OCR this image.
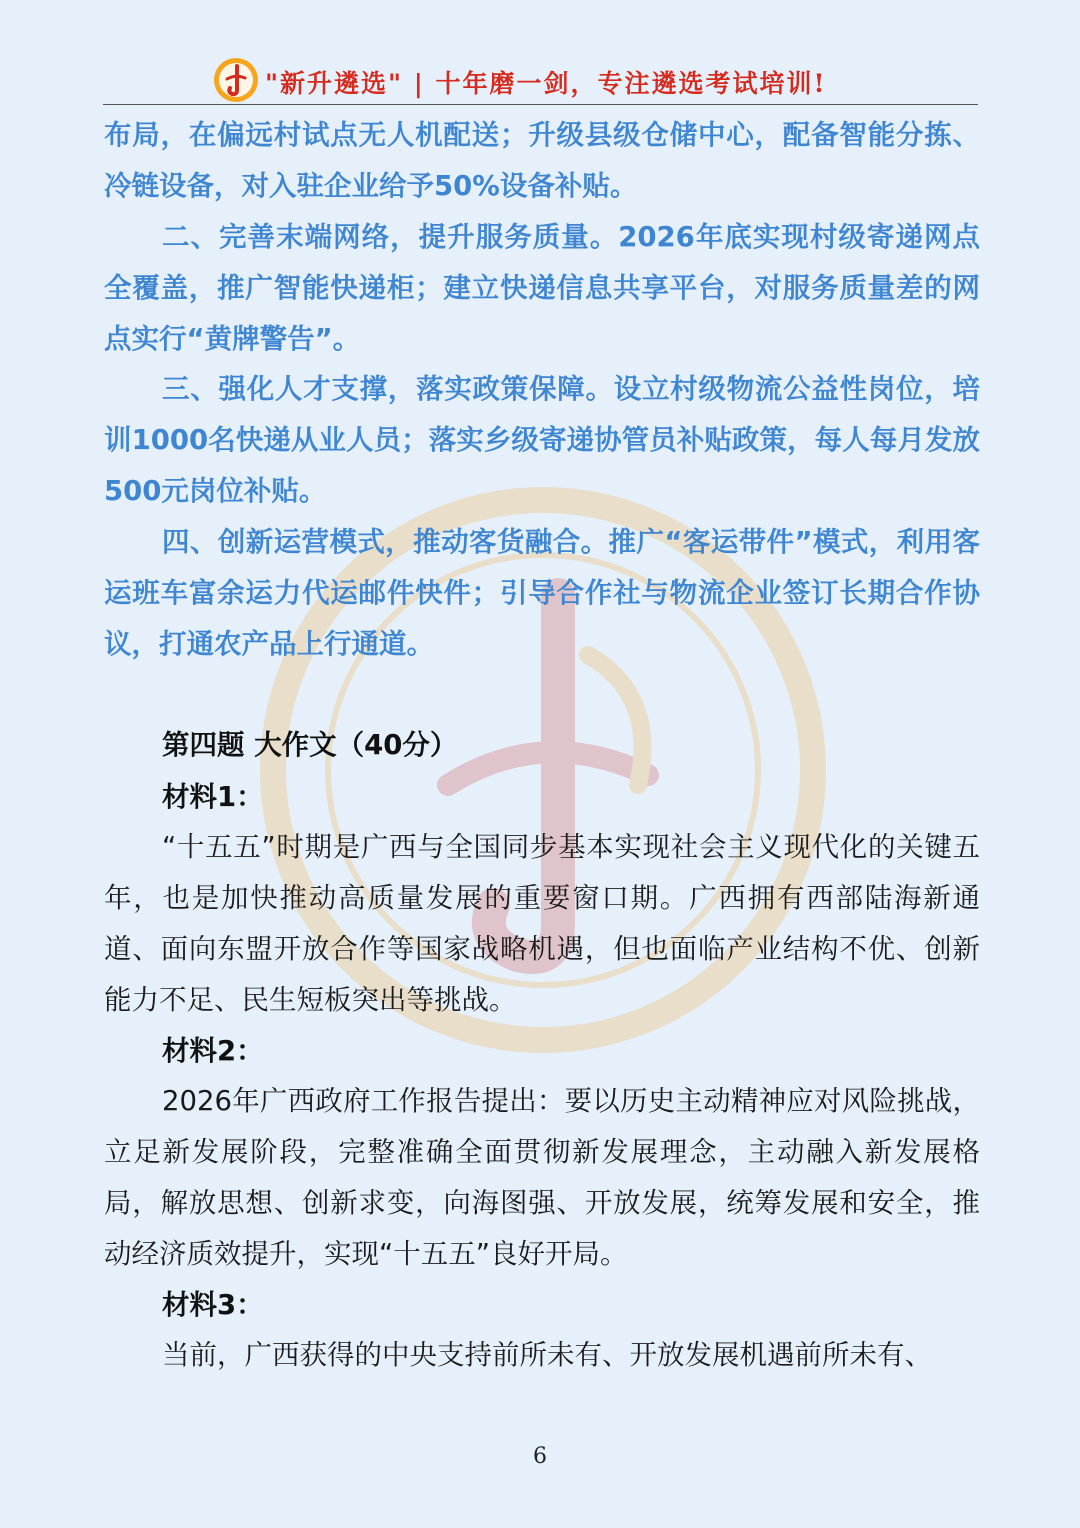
"新升遴选" | 十年磨一剑，专注遴选考试培训!

布局，在偏远村试点无人机配送；升级县级仓储中心，配备智能分拣、冷链设备，对入驻企业给予50%设备补贴。

二、完善末端网络，提升服务质量。2026年底实现村级寄递网点全覆盖，推广智能快递柜；建立快递信息共享平台，对服务质量差的网点实行“黄牌警告”。

三、强化人才支撑，落实政策保障。设立村级物流公益性岗位，培训1000名快递从业人员；落实乡级寄递协管员补贴政策，每人每月发放500元岗位补贴。

四、创新运营模式，推动客货融合。推广“客运带件”模式，利用客运班车富余运力代运邮件快件；引导合作社与物流企业签订长期合作协议，打通农产品上行通道。

第四题 大作文（40分）
材料1：

“十五五”时期是广西与全国同步基本实现社会主义现代化的关键五年，也是加快推动高质量发展的重要窗口期。广西拥有西部陆海新通道、面向东盟开放合作等国家战略机遇，但也面临产业结构不优、创新能力不足、民生短板突出等挑战。

材料2：

2026年广西政府工作报告提出：要以历史主动精神应对风险挑战，立足新发展阶段，完整准确全面贯彻新发展理念，主动融入新发展格局，解放思想、创新求变，向海图强、开放发展，统筹发展和安全，推动经济质效提升，实现“十五五”良好开局。

材料3：

当前，广西获得的中央支持前所未有、开放发展机遇前所未有、

6
